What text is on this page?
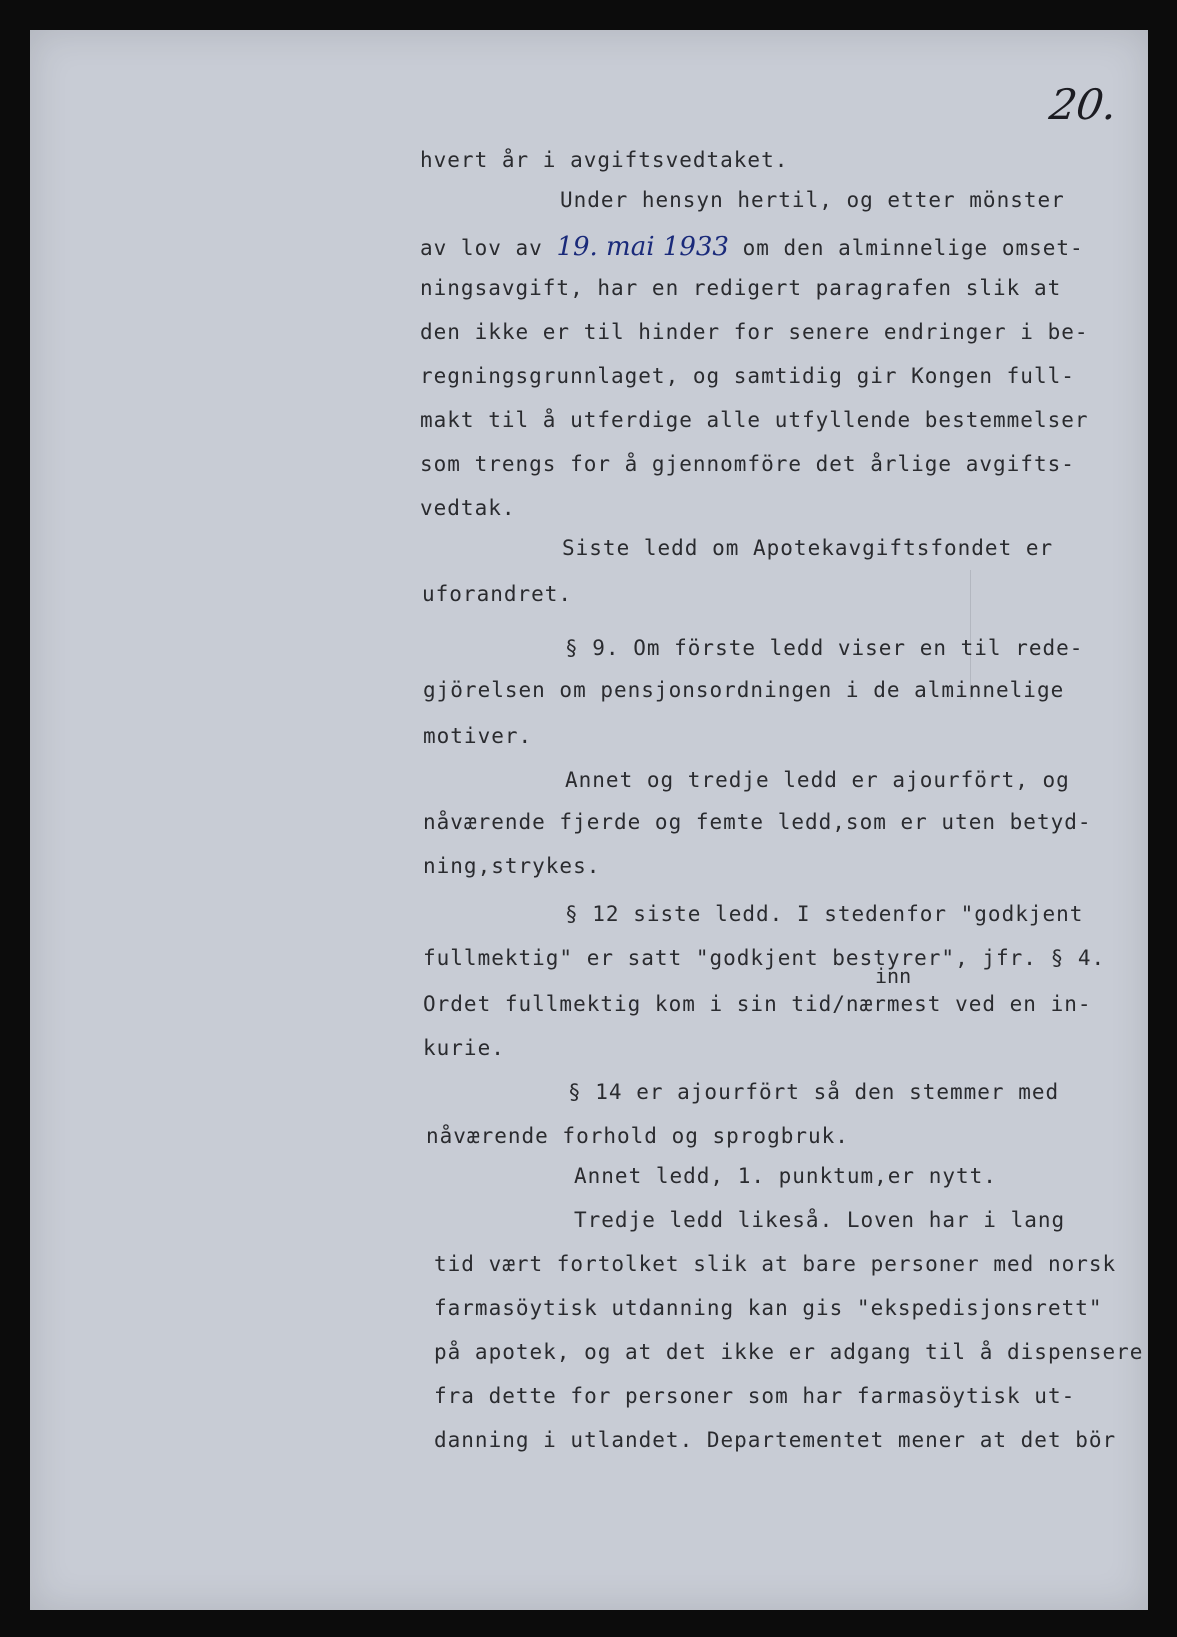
20.
hvert år i avgiftsvedtaket.
Under hensyn hertil, og etter mönster
av lov av 19. mai 1933 om den alminnelige omset-
ningsavgift, har en redigert paragrafen slik at
den ikke er til hinder for senere endringer i be-
regningsgrunnlaget, og samtidig gir Kongen full-
makt til å utferdige alle utfyllende bestemmelser
som trengs for å gjennomföre det årlige avgifts-
vedtak.
Siste ledd om Apotekavgiftsfondet er
uforandret.
§ 9. Om förste ledd viser en til rede-
gjörelsen om pensjonsordningen i de alminnelige
motiver.
Annet og tredje ledd er ajourfört, og
nåværende fjerde og femte ledd,som er uten betyd-
ning,strykes.
§ 12 siste ledd. I stedenfor "godkjent
fullmektig" er satt "godkjent bestyrer", jfr. § 4.
Ordet fullmektig kom i sin tid/nærmest ved en in-
kurie.
§ 14 er ajourfört så den stemmer med
nåværende forhold og sprogbruk.
Annet ledd, 1. punktum,er nytt.
Tredje ledd likeså. Loven har i lang
tid vært fortolket slik at bare personer med norsk
farmasöytisk utdanning kan gis "ekspedisjonsrett"
på apotek, og at det ikke er adgang til å dispensere
fra dette for personer som har farmasöytisk ut-
danning i utlandet. Departementet mener at det bör
inn
